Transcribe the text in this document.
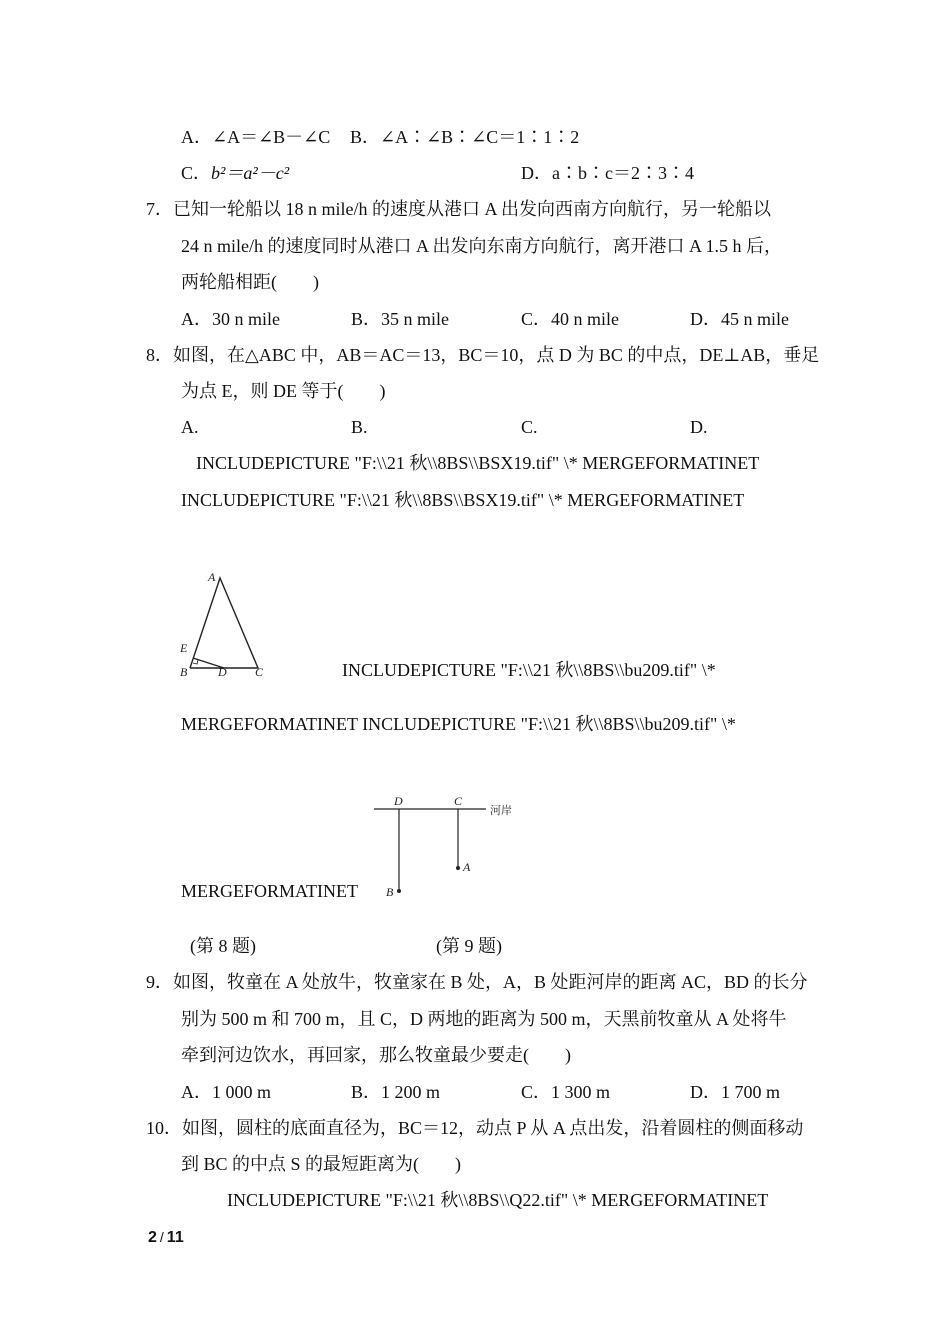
A．∠A＝∠B－∠C B．∠A∶∠B∶∠C＝1∶1∶2
C．b²＝a²－c²	D．a∶b∶c＝2∶3∶4
7．已知一轮船以 18 n mile/h 的速度从港口 A 出发向西南方向航行，另一轮船以
24 n mile/h 的速度同时从港口 A 出发向东南方向航行，离开港口 A 1.5 h 后，
两轮船相距(　　)
A．30 n mile	B．35 n mile	C．40 n mile	D．45 n mile
8．如图，在△ABC 中，AB＝AC＝13，BC＝10，点 D 为 BC 的中点，DE⊥AB，垂足
为点 E，则 DE 等于(　　)
A.	B.	C.	D.
INCLUDEPICTURE "F:\\21 秋\\8BS\\BSX19.tif" \* MERGEFORMATINET
INCLUDEPICTURE "F:\\21 秋\\8BS\\BSX19.tif" \* MERGEFORMATINET
A
E
B	D C	INCLUDEPICTURE "F:\\21 秋\\8BS\\bu209.tif" \*
MERGEFORMATINET INCLUDEPICTURE "F:\\21 秋\\8BS\\bu209.tif" \*
D	C
A
B
河岸
MERGEFORMATINET
(第 8 题)	(第 9 题)
9．如图，牧童在 A 处放牛，牧童家在 B 处，A，B 处距河岸的距离 AC，BD 的长分
别为 500 m 和 700 m，且 C，D 两地的距离为 500 m，天黑前牧童从 A 处将牛
牵到河边饮水，再回家，那么牧童最少要走(　　)
A．1 000 m	B．1 200 m	C．1 300 m	D．1 700 m
10．如图，圆柱的底面直径为，BC＝12，动点 P 从 A 点出发，沿着圆柱的侧面移动
到 BC 的中点 S 的最短距离为(　　)
INCLUDEPICTURE "F:\\21 秋\\8BS\\Q22.tif" \* MERGEFORMATINET
2 / 11
